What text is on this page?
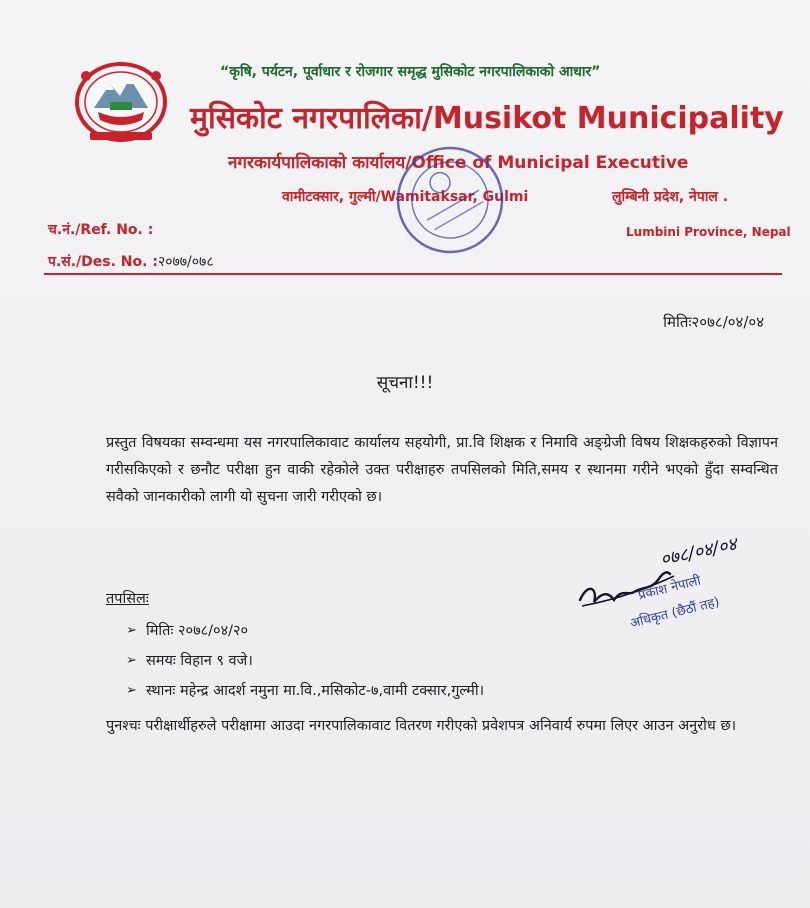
“कृषि, पर्यटन, पूर्वाधार र रोजगार समृद्ध मुसिकोट नगरपालिकाको आधार”
मुसिकोट नगरपालिका/Musikot Municipality
नगरकार्यपालिकाको कार्यालय/Office of Municipal Executive
वामीटक्सार, गुल्मी/Wamitaksar, Gulmi	लुम्बिनी प्रदेश, नेपाल .
Lumbini Province, Nepal
च.नं./Ref. No. :
प.सं./Des. No. :२०७७/०७८
मितिः२०७८/०४/०४
सूचना!!!
प्रस्तुत विषयका सम्वन्धमा यस नगरपालिकावाट कार्यालय सहयोगी, प्रा.वि शिक्षक र निमावि अङ्ग्रेजी विषय शिक्षकहरुको विज्ञापन गरीसकिएको र छनौट परीक्षा हुन वाकी रहेकोले उक्त परीक्षाहरु तपसिलको मिति,समय र स्थानमा गरीने भएको हुँदा सम्वन्धित सवैको जानकारीको लागी यो सुचना जारी गरीएको छ।
तपसिलः
➢ मितिः २०७८/०४/२०
➢ समयः विहान ९ वजे।
➢ स्थानः महेन्द्र आदर्श नमुना मा.वि.,मसिकोट-७,वामी टक्सार,गुल्मी।
पुनश्चः परीक्षार्थीहरुले परीक्षामा आउदा नगरपालिकावाट वितरण गरीएको प्रवेशपत्र अनिवार्य रुपमा लिएर आउन अनुरोध छ।
०७८/०४/०४
प्रकाश नेपाली
अधिकृत (छैठौं तह)
